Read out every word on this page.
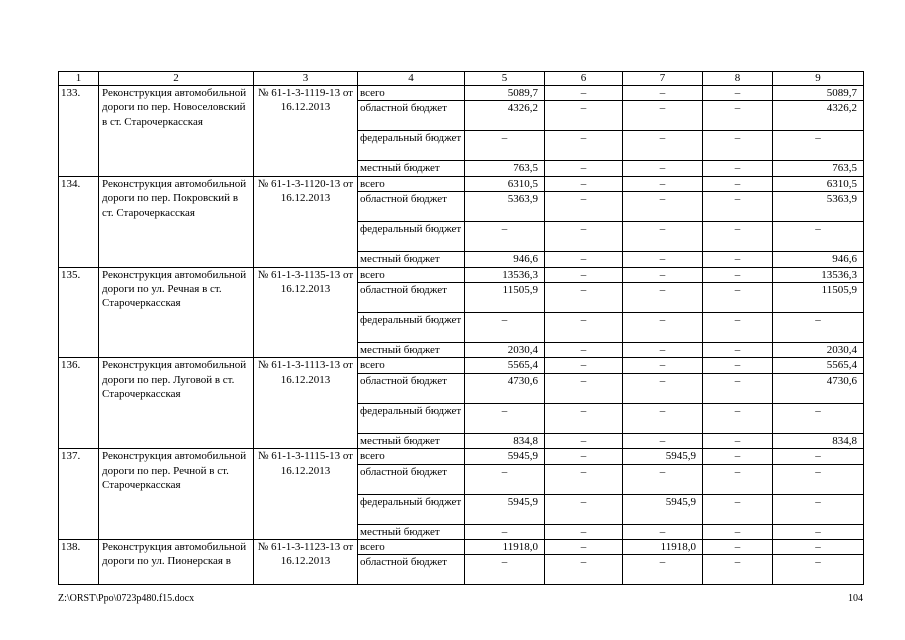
1	2	3	4	5	6	7	8	9
133.	Реконструкция автомобильной дороги по пер. Новоселовский в ст. Старочеркасская	№ 61-1-3-1119-13 от 16.12.2013	всего	5089,7	–	–	–	5089,7
			областной бюджет	4326,2	–	–	–	4326,2
			федеральный бюджет	–	–	–	–	–
			местный бюджет	763,5	–	–	–	763,5
134.	Реконструкция автомобильной дороги по пер. Покровский в ст. Старочеркасская	№ 61-1-3-1120-13 от 16.12.2013	всего	6310,5	–	–	–	6310,5
			областной бюджет	5363,9	–	–	–	5363,9
			федеральный бюджет	–	–	–	–	–
			местный бюджет	946,6	–	–	–	946,6
135.	Реконструкция автомобильной дороги по ул. Речная в ст. Старочеркасская	№ 61-1-3-1135-13 от 16.12.2013	всего	13536,3	–	–	–	13536,3
			областной бюджет	11505,9	–	–	–	11505,9
			федеральный бюджет	–	–	–	–	–
			местный бюджет	2030,4	–	–	–	2030,4
136.	Реконструкция автомобильной дороги по пер. Луговой в ст. Старочеркасская	№ 61-1-3-1113-13 от 16.12.2013	всего	5565,4	–	–	–	5565,4
			областной бюджет	4730,6	–	–	–	4730,6
			федеральный бюджет	–	–	–	–	–
			местный бюджет	834,8	–	–	–	834,8
137.	Реконструкция автомобильной дороги по пер. Речной в ст. Старочеркасская	№ 61-1-3-1115-13 от 16.12.2013	всего	5945,9	–	5945,9	–	–
			областной бюджет	–	–	–	–	–
			федеральный бюджет	5945,9	–	5945,9	–	–
			местный бюджет	–	–	–	–	–
138.	Реконструкция автомобильной дороги по ул. Пионерская в	№ 61-1-3-1123-13 от 16.12.2013	всего	11918,0	–	11918,0	–	–
			областной бюджет	–	–	–	–	–
Z:\ORST\Ppo\0723p480.f15.docx	104
